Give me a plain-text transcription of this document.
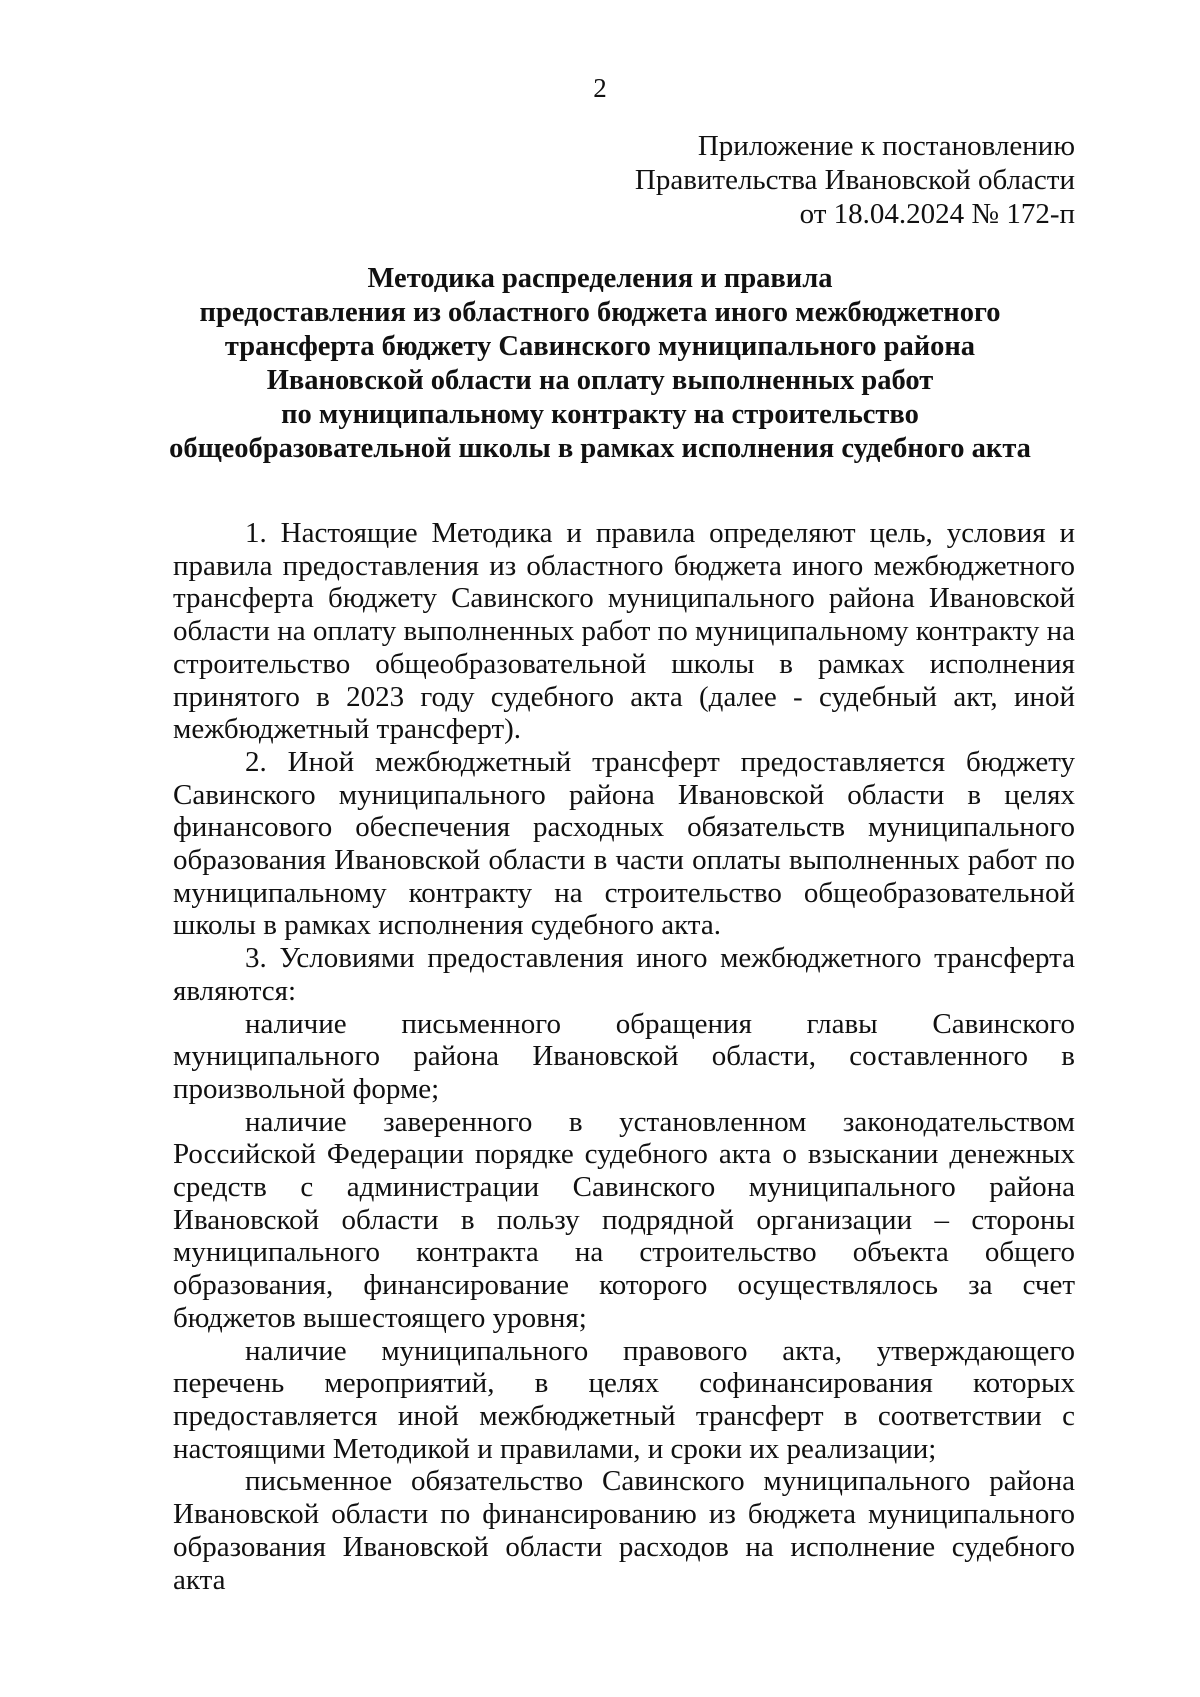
2
Приложение к постановлению
Правительства Ивановской области
от 18.04.2024 № 172-п
Методика распределения и правила
предоставления из областного бюджета иного межбюджетного
трансферта бюджету Савинского муниципального района
Ивановской области на оплату выполненных работ
по муниципальному контракту на строительство
общеобразовательной школы в рамках исполнения судебного акта

1. Настоящие Методика и правила определяют цель, условия и правила предоставления из областного бюджета иного межбюджетного трансферта бюджету Савинского муниципального района Ивановской области на оплату выполненных работ по муниципальному контракту на строительство общеобразовательной школы в рамках исполнения принятого в 2023 году судебного акта (далее - судебный акт, иной межбюджетный трансферт).

2. Иной межбюджетный трансферт предоставляется бюджету Савинского муниципального района Ивановской области в целях финансового обеспечения расходных обязательств муниципального образования Ивановской области в части оплаты выполненных работ по муниципальному контракту на строительство общеобразовательной школы в рамках исполнения судебного акта.

3. Условиями предоставления иного межбюджетного трансферта являются:

наличие письменного обращения главы Савинского муниципального района Ивановской области, составленного в произвольной форме;

наличие заверенного в установленном законодательством Российской Федерации порядке судебного акта о взыскании денежных средств с администрации Савинского муниципального района Ивановской области в пользу подрядной организации – стороны муниципального контракта на строительство объекта общего образования, финансирование которого осуществлялось за счет бюджетов вышестоящего уровня;

наличие муниципального правового акта, утверждающего перечень мероприятий, в целях софинансирования которых предоставляется иной межбюджетный трансферт в соответствии с настоящими Методикой и правилами, и сроки их реализации;

письменное обязательство Савинского муниципального района Ивановской области по финансированию из бюджета муниципального образования Ивановской области расходов на исполнение судебного акта
